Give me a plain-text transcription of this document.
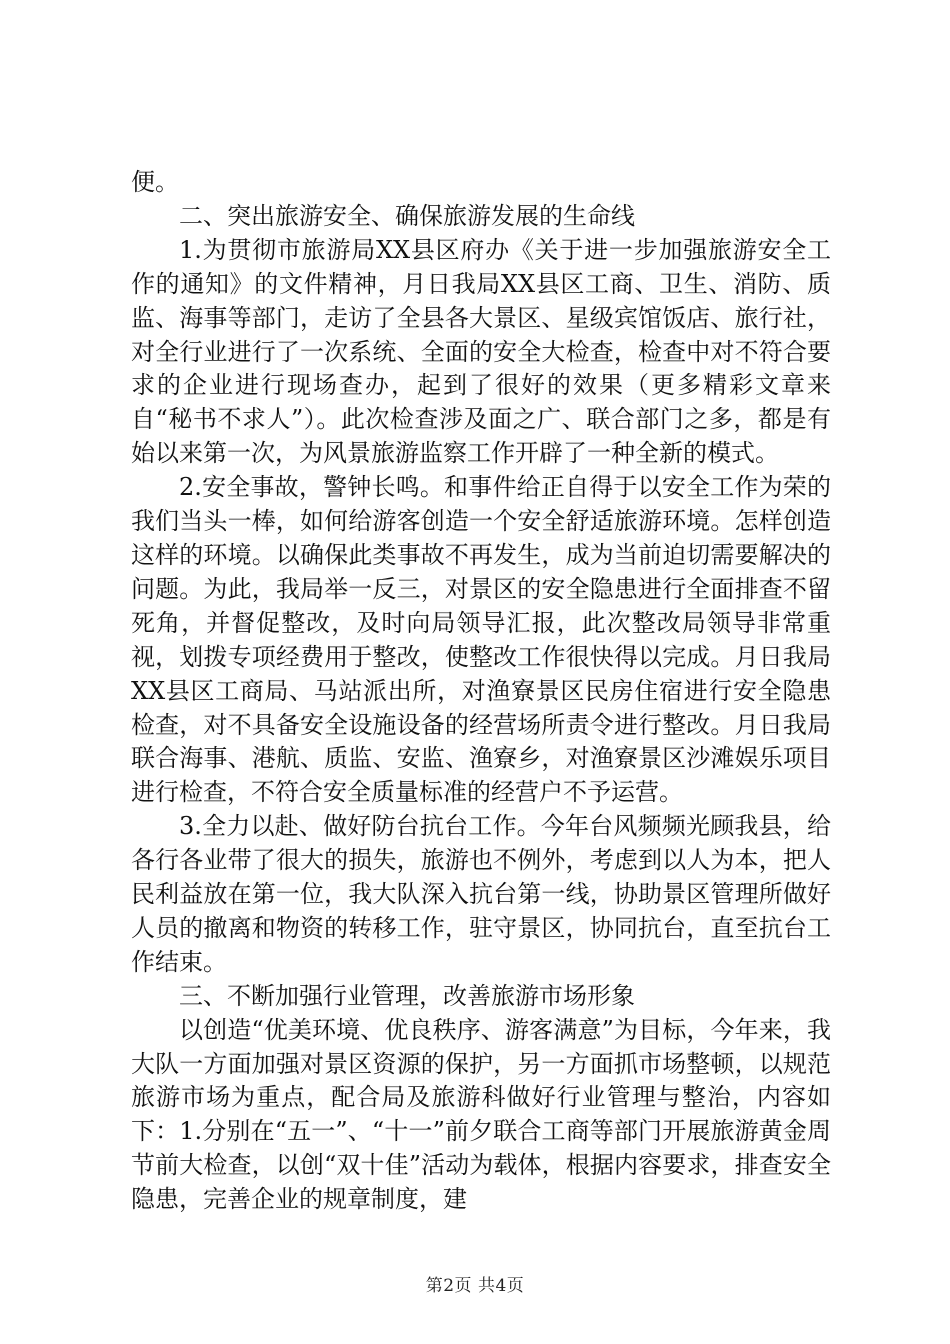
便。

二、突出旅游安全、确保旅游发展的生命线

1.为贯彻市旅游局XX县区府办《关于进一步加强旅游安全工作的通知》的文件精神，月日我局XX县区工商、卫生、消防、质监、海事等部门，走访了全县各大景区、星级宾馆饭店、旅行社，对全行业进行了一次系统、全面的安全大检查，检查中对不符合要求的企业进行现场查办，起到了很好的效果（更多精彩文章来自“秘书不求人”）。此次检查涉及面之广、联合部门之多，都是有始以来第一次，为风景旅游监察工作开辟了一种全新的模式。

2.安全事故，警钟长鸣。和事件给正自得于以安全工作为荣的我们当头一棒，如何给游客创造一个安全舒适旅游环境。怎样创造这样的环境。以确保此类事故不再发生，成为当前迫切需要解决的问题。为此，我局举一反三，对景区的安全隐患进行全面排查不留死角，并督促整改，及时向局领导汇报，此次整改局领导非常重视，划拨专项经费用于整改，使整改工作很快得以完成。月日我局XX县区工商局、马站派出所，对渔寮景区民房住宿进行安全隐患检查，对不具备安全设施设备的经营场所责令进行整改。月日我局联合海事、港航、质监、安监、渔寮乡，对渔寮景区沙滩娱乐项目进行检查，不符合安全质量标准的经营户不予运营。

3.全力以赴、做好防台抗台工作。今年台风频频光顾我县，给各行各业带了很大的损失，旅游也不例外，考虑到以人为本，把人民利益放在第一位，我大队深入抗台第一线，协助景区管理所做好人员的撤离和物资的转移工作，驻守景区，协同抗台，直至抗台工作结束。

三、不断加强行业管理，改善旅游市场形象

以创造“优美环境、优良秩序、游客满意”为目标，今年来，我大队一方面加强对景区资源的保护，另一方面抓市场整顿，以规范旅游市场为重点，配合局及旅游科做好行业管理与整治，内容如下：1.分别在“五一”、“十一”前夕联合工商等部门开展旅游黄金周节前大检查，以创“双十佳”活动为载体，根据内容要求，排查安全隐患，完善企业的规章制度，建

第2页 共4页
